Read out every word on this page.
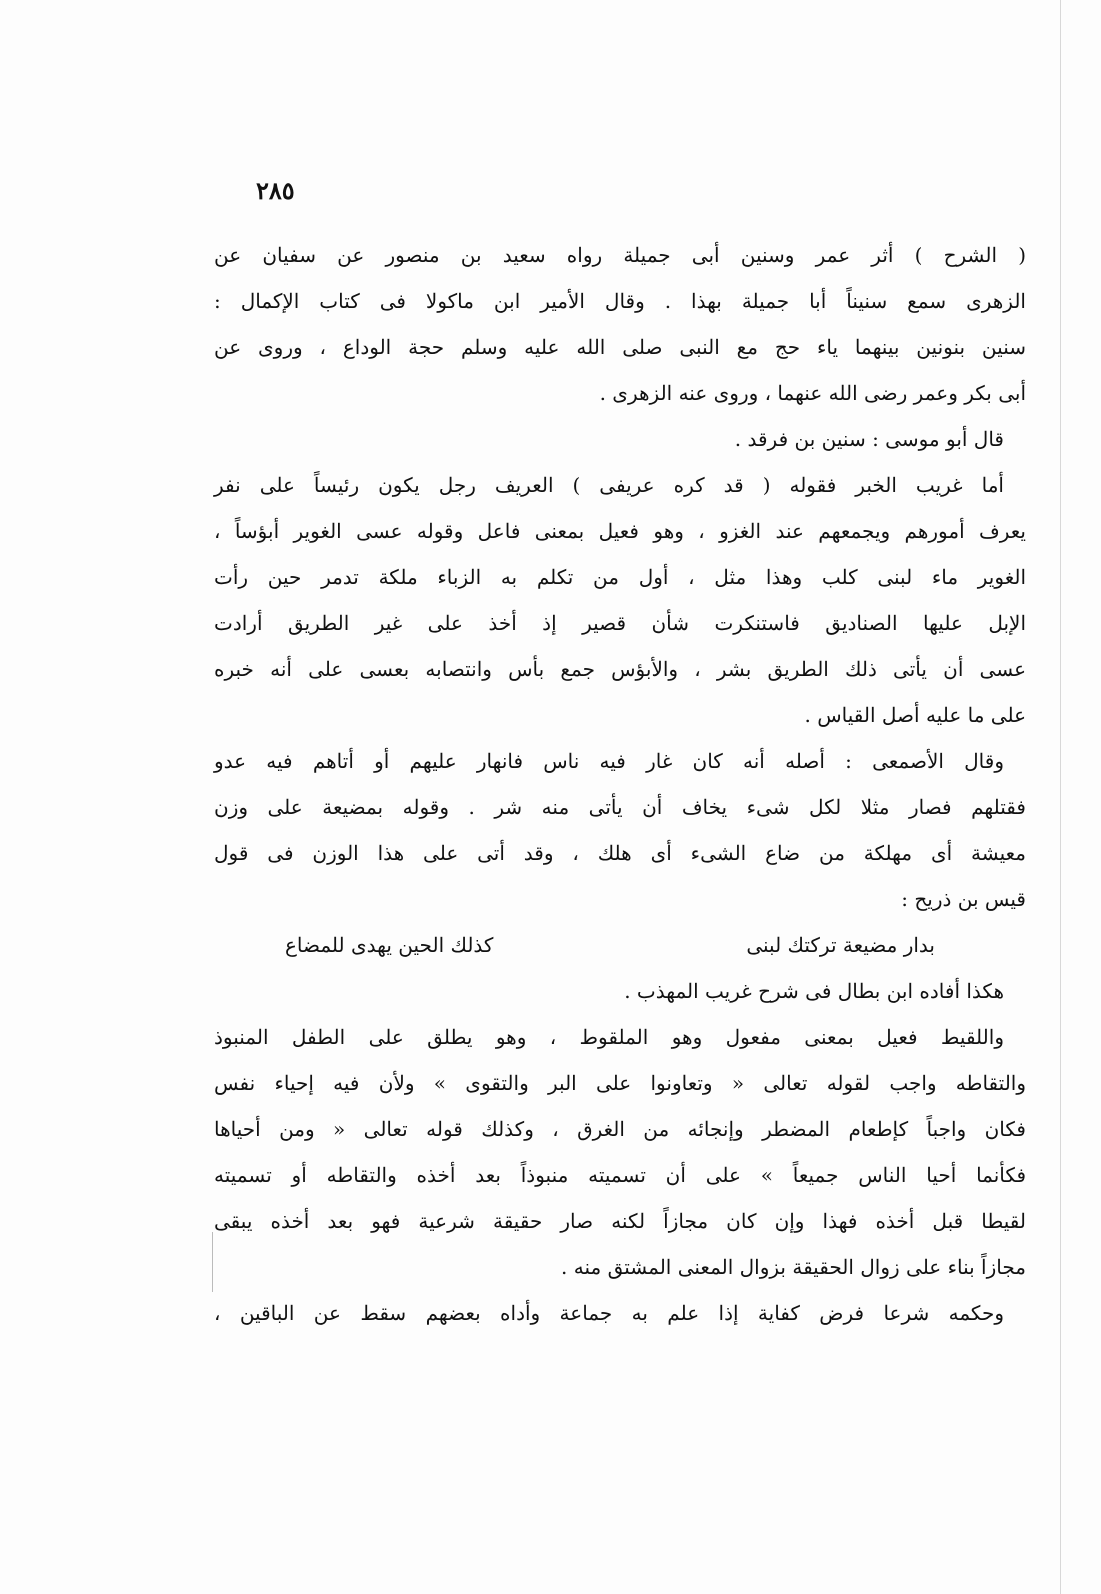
٢٨٥
( الشرح ) أثر عمر وسنين أبى جميلة رواه سعيد بن منصور عن سفيان عن
الزهرى سمع سنيناً أبا جميلة بهذا . وقال الأمير ابن ماكولا فى كتاب الإكمال :
سنين بنونين بينهما ياء حج مع النبى صلى الله عليه وسلم حجة الوداع ، وروى عن
أبى بكر وعمر رضى الله عنهما ، وروى عنه الزهرى .
قال أبو موسى : سنين بن فرقد .
أما غريب الخبر فقوله ( قد كره عريفى ) العريف رجل يكون رئيساً على نفر
يعرف أمورهم ويجمعهم عند الغزو ، وهو فعيل بمعنى فاعل وقوله عسى الغوير أبؤساً ،
الغوير ماء لبنى كلب وهذا مثل ، أول من تكلم به الزباء ملكة تدمر حين رأت
الإبل عليها الصناديق فاستنكرت شأن قصير إذ أخذ على غير الطريق أرادت
عسى أن يأتى ذلك الطريق بشر ، والأبؤس جمع بأس وانتصابه بعسى على أنه خبره
على ما عليه أصل القياس .
وقال الأصمعى : أصله أنه كان غار فيه ناس فانهار عليهم أو أتاهم فيه عدو
فقتلهم فصار مثلا لكل شىء يخاف أن يأتى منه شر . وقوله بمضيعة على وزن
معيشة أى مهلكة من ضاع الشىء أى هلك ، وقد أتى على هذا الوزن فى قول
قيس بن ذريح :
بدار مضيعة تركتك لبنىكذلك الحين يهدى للمضاع
هكذا أفاده ابن بطال فى شرح غريب المهذب .
واللقيط فعيل بمعنى مفعول وهو الملقوط ، وهو يطلق على الطفل المنبوذ
والتقاطه واجب لقوله تعالى « وتعاونوا على البر والتقوى » ولأن فيه إحياء نفس
فكان واجباً كإطعام المضطر وإنجائه من الغرق ، وكذلك قوله تعالى « ومن أحياها
فكأنما أحيا الناس جميعاً » على أن تسميته منبوذاً بعد أخذه والتقاطه أو تسميته
لقيطا قبل أخذه فهذا وإن كان مجازاً لكنه صار حقيقة شرعية فهو بعد أخذه يبقى
مجازاً بناء على زوال الحقيقة بزوال المعنى المشتق منه .
وحكمه شرعا فرض كفاية إذا علم به جماعة وأداه بعضهم سقط عن الباقين ،
